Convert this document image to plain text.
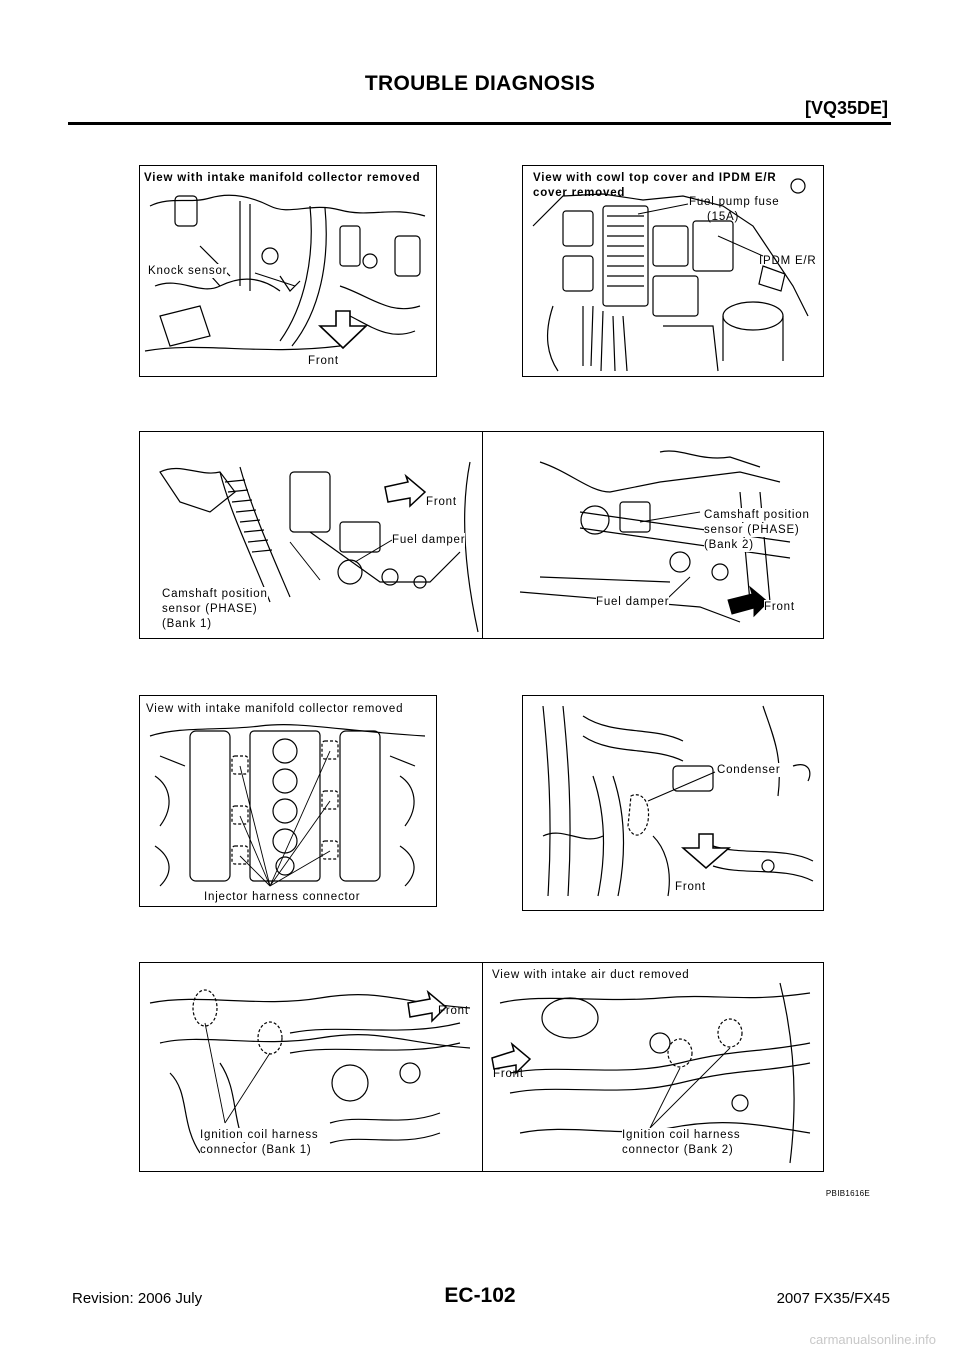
TROUBLE DIAGNOSIS
[VQ35DE]
View with intake manifold collector removed
Knock sensor
Front
View with cowl top cover and IPDM E/R
cover removed
Fuel pump fuse
(15A)
IPDM E/R
Front
Fuel damper
Camshaft position
sensor (PHASE)
(Bank 1)
Camshaft position
sensor (PHASE)
(Bank 2)
Fuel damper	Front
View with intake manifold collector removed
Injector harness connector
Condenser
Front
Front
Ignition coil harness
connector (Bank 1)
View with intake air duct removed
Front
Ignition coil harness
connector (Bank 2)
PBIB1616E
Revision: 2006 July	EC-102	2007 FX35/FX45
carmanualsonline.info
